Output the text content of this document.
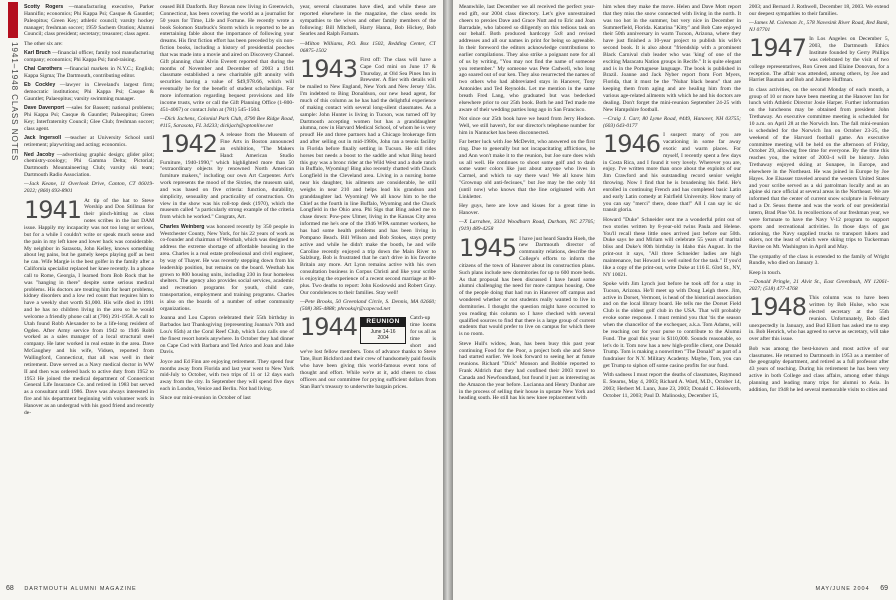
1941–1948 CLASS NOTES

Scotty Rogers —manufacturing executive, Parker Hannifin; economics; Phi Kappa Psi; Casque & Gauntlet; Paleopitus; Green Key; athletic council; varsity hockey manager; freshman soccer; 1959 Sachem Oration; Alumni Council; class president; secretary; treasurer; class agent.

The other six are:

Karl Bruch —financial officer, family tool manufacturing company; economics; Phi Kappa Psi; fund-raising.

Chal Carothers —financial markets in N.Y.C.; English; Kappa Sigma; The Dartmouth, contributing editor.

Eb Cockley —lawyer in Cleveland's largest firm; democratic institutions; Phi Kappa Psi; Casque & Gauntlet; Palaeopitus; varsity swimming manager.

Dave Davenport —sales for Bassett; national problems; Phi Kappa Psi; Casque & Gauntlet; Palaeopitus; Green Key; Interfraternity Council; Glee Club; freshman soccer; class agent.

Jack Ingersoll —teacher at University School until retirement; playwriting and acting; economics.

Ned Jacoby —advertising graphic design; glider pilot; chemistry-zoology; Phi Gamma Delta; Pictorial; Dartmouth Mountaineering Club; varsity ski team; Dartmouth Radio Association.

—Jack Keane, 11 Overlook Drive, Canton, CT 06019-2022; (860) 693-8901

1941 At tip of the hat to Steve Worship and Don Stillman for their pinch-hitting as class notes scribes in the last DAM issue. Happily my incapacity was not too long or serious, but for a while I couldn't write or speak much sense and the pain in my left knee and lower back was considerable. My neighbor in Sarasota, John Kelley, knows something about leg pains, but he gamely keeps playing golf as best he can. Wife Margie is the best golfer in the family after a California specialist replaced her knee recently. In a phone call to Rome, Georgia, I learned from Bob Rock that he was "hanging in there" despite some serious medical problems. His doctors are treating him for heart problems, kidney disorders and a low red count that requires him to have a weekly shot worth $1,000. His wife died in 1991 and he has no children living in the area so he would welcome a friendly phone call at (706) 291-1958. A call to Utah found Robb Alexander to be a life-long resident of Ogden. After Army service from 1942 to 1946 Robb worked as a sales manager of a local structural steel company. He later worked in real estate in the area. Dave McGaughey and his wife, Vidsen, reported from Wallingford, Connecticut, that all was well in their retirement. Dave served as a Navy medical doctor in WW II and then was ordered back to active duty from 1952 to 1953 He joined the medical department of Connecticut General Life Insurance Co. and retired in 1983 but served as a consultant until 1986. Dave was always interested in fire and his department beginning with volunteer work in Hanover as an undergrad with his good friend and recently de-

ceased Bill Danforth. Roy Rowan now living in Greenwich, Connecticut, has been covering the world as a journalist for 50 years for Time, Life and Fortune. He recently wrote a book Solomon Starbuck's Storm which is reported to be an entertaining fable about the importance of following your dreams. His first fiction effort has been preceded by six non-fiction books, including a history of presidential pooches that was made into a movie and aired on Discovery Channel. Gift planning chair Alvin Everett reported that during the months of November and December of 2003 a 1941 classmate established a new charitable gift annuity with securities having a value of $49,978.66, which will eventually be for the benefit of student scholarships. For more information regarding bequest provisions and life income trusts, write or call the Gift Planning Office (1-800-451-4067) or contact John at (781) 545-1504.

—Dick Jachens, Colonial Park Club, 4790 Bee Ridge Road, #115, Sarasota, FL 34233; dickjach@optonline.net

1942 A release from the Museum of Fine Arts in Boston announced an exhibition, "The Makers Hand: American Studio Furniture, 1940-1990," which highlighted more than 50 "extraordinary objects by renowned North American furniture makers," including our own Art Carpenter. Art's work represents the mood of the Sixties, the museum said, and was based on five criteria: function, durability, simplicity, sensuality and practicality of construction. On view in the show was his roll-top desk (1970), which the museum called "a particularly strong example of the criteria from which he worked." Congrats, Art.

Charles Weinberg was honored recently by 350 people in Westchester County, New York, for his 22 years of work as co-founder and chairman of Westhab, which was designed to address the extreme shortage of affordable housing in the area. Charles is a real estate professional and civil engineer, by way of Thayer. He was recently stepping down from his leadership position, but remains on the board. Westhab has grown to 800 housing units, including 230 in four homeless shelters. The agency also provides social services, academic and recreation programs for youth, child care, transportation, employment and training programs. Charles is also on the boards of a number of other community organizations.

Joanna and Lou Capron celebrated their 55th birthday in Barbados last Thanksgiving (representing Joanna's 70th and Lou's 85th) at the Coral Reef Club, which Lou calls one of the finest resort hotels anywhere. In October they had dinner on Cape Cod with Barbara and Ted Arico and Joan and Jake Davis.

Joyce and Ed Finn are enjoying retirement. They spend four months away from Florida and last year went to New York mid-July to October, with two trips of 11 or 12 days each away from the city. In September they will spend five days each in London, Venice and Berlin. Not bad living.

Since our mini-reunion in October of last

year, several classmates have died, and while these are reported elsewhere in the magazine, the class sends its sympathies to the wives and other family members of the following: Bill Mitchell, Harry Hanna, Bob Hickey, Bob Searles and Ralph Farnam.

—Milton Williams, P.O. Box 1502, Redding Center, CT 06875-1502

1943 First off: The class will have a Cape Cod mini on June 17 & Thursday, at Old Sea Pines Inn in Brewster. A flier with details will be mailed to New England, New York and New Jersey '43s. I'm indebted to Bing Donaldson, our new head agent, for much of this column as he has had the delightful experience of making contact with several long-silent classmates. As a sample: John Hunter is living in Tucson, was turned off by Dartmouth accepting women but has a granddaughter alumna, now in Harvard Medical School, of whom he is very proud! He and three partners had a Chicago brokerage firm and after selling out in mid-1980s, John ran a tennis facility in Florida before finally settling in Tucson. He still rides horses but needs a boost to the saddle and what Bing heard this guy was a bronc rider at the Wild West and a dude ranch in Buffalo, Wyoming! Bing also recently chatted with Chuck Longfield in the Cleveland area. Living in a nursing home near his daughter, his ailments are considerable, he still weighs in near 210 and helps lead his grandson and granddaughter lad. Wyoming! We all know him to be the Chief as the fourth in line Buffalo, Wyoming and the Chuck Longfield in the Ohio area. Phi Sigs that Bing asked me to chase down: Pow-pow Ulmer, living in the Kansas City area informed me he's one of the 1946 WPA summer workers, he has had some health problems and has been living in Pompano Beach. Bill Wilson and Bob Stokes, stays pretty active and while he didn't make the booth, he and wife Caroline recently enjoyed a trip down the Main River to Salzburg. Bob is frustrated that he can't drive in his favorite Britain any more. Art Lynn remains active with his own consultation business in Corpus Christi and like your scribe is enjoying the experience of a recent second marriage at 80-plus. Two deaths to report: John Koslowski and Robert Gray. Our condolences to their families. Stay well!

—Pete Brooks, 50 Greenland Circle, S. Dennis, MA 02660; (508) 385-4888; phrooksjr@capecod.net

1944	REUNION
June 14-16
2004
Catch-up time looms for us all as time is short and we've lost fellow members. Tons of advance thanks to Steve Tate, Burt Bickford and their crew of handsomely paid fossils who have been giving this world-famous event tons of thought and effort. While we're at it, add cheers to class officers and our committee for prying sufficient dollars from Stan Barr's treasury to underwrite bargain prices.

68 DARTMOUTH ALUMNI MAGAZINE

Meanwhile, last December we all received the perfect year-end gift, our 2004 class directory. Let's give unrestrained cheers to prexies Dave and Grace Nutt and to Eric and Joan Barradale, who labored so diligently on this tedious task on our behalf. Both produced hardcopy 5x8 and revised addresses and all our names in print for being so agreeable. In their foreword the editors acknowledge contributions to earlier compilations. They also strike a poignant note for all of us by writing, "You may not find the name of someone you remember." My someone was Pete Cadwell, who long ago soared out of our ken. They also resurrected the names of two others who had abbreviated stays in Hanover, Tony Antonides and Ted Reynolds. Let me mention in the same breath Fred Lang, who graduated but was bedecked elsewhere prior to our 25th book. Both he and Ted made me aware of their wedding parties long ago in San Francisco.

Not since our 25th book have we heard from Jerry Hodson. Well, we still haven't, for our director's telephone number for him in Nantucket has been disconnected.

Far better luck with Joe McDevitt, who answered on the first ring. Due to generally but not incapacitating afflictions, he and Ann won't make it to the reunion, but Joe sure does wish us all well. He continues to shoot some golf and to daub some water colors like just about anyone who lives in Carmel, and which to say there was! We all know him "Grownup old anti-fecisues," but Joe may be the only '44 (until now) who knows that the line originated with Art Linkletter.

Hey guys, here are love and kisses for a great time in Hanover.

—X Larrabee, 3324 Woodburn Road, Durham, NC 27705; (919) 489-4258

1945 I have just heard Sandra Hoeh, the new Dartmouth director of community relations, describe the College's efforts to inform the citizens of the town of Hanover about its construction plans. Such plans include new dormitories for up to 600 more beds. As that proposal has been discussed I have heard some alumni challenging the need for more campus housing. One of the people doing that had run in Hanover off campus and wondered whether or not students really wanted to live in dormitories. I thought the question might have occurred to you reading this column so I have checked with several qualified sources to find that there is a large group of current students that would prefer to live on campus for which there is no room.

Steve Hull's widow, Jean, has been busy this past year continuing Food for the Poor, a project both she and Steve had started earlier. We look forward to seeing her at future reunions. Richard "Dick" Monson and Bobbie reported to Frank Aldrich that they had confined their 2003 travel to Canada and Newfoundland, but found it just as interesting as the Amazon the year before. Lucianna and Henry Dunbar are in the process of selling their house in upstate New York and heading south. He still has his new knee replacement with

him when they make the move. Helen and Dave Mott report that they miss the snow connected with living in the north. It was too hot in the summer, but very nice in December in Summerfield, Florida. Katarina "Kitty" and Bob Cate enjoyed their 50th anniversary in warm Tucson, Arizona, where they have just finished a 10-year project to publish his wife's second book. It is also about "friendship with a prominent Black Carnival club leader who was 'king' of one of the exciting Maracatu Nation groups in Recife." It is quite elegant and is in the Portuguese language. The book is published in Brazil. Joanne and Jack Nyber report from Fort Myers, Florida, that it must be the "Nubar black beans" that are keeping them from aging and are healing him from the various age-related ailments with which he and his doctors are dealing. Don't forget the mini-reunion September 24-25 with New Hampshire football.

—Craig J. Carr, 80 Lyme Road, #449, Hanover, NH 03755; (603) 643-0177

1946 I suspect many of you are vacationing in some far away exotic and warm places. For myself, I recently spent a few days in Costa Rica, and I found it very lovely. Wherever you are, enjoy. I've written more than once about the exploits of our Jim Crawford and his outstanding record senior weight throwing. Now I find that he is broadening his field. He's enrolled in continuing French and has completed basic Latin and early Latin comedy at Fairfield University. How many of you can say "merci" there, done that!" All I can say is: sic transit gloria.

Howard "Duke" Schneider sent me a wonderful print out of two stories written by 8-year-old twins Paula and Helene. You'll recall these little ones arrived just before our 50th. Duke says he and Miriam will celebrate 55 years of marital bliss and Duke's 80th birthday in Idaho this August. In the print-out it says, "All three Schneider ladies are high maintenance, but Howard is well suited for the task." If you'd like a copy of the print-out, write Duke at 116 E. 63rd St., NY, NY 10021.

Spoke with Jim Lynch just before he took off for a stay in Tucson, Arizona. He'll meet up with Doug Leigh there. Jim, active in Dorset, Vermont, is head of the historical association and on the local library board. He tells me the Dorset Field Club is the oldest golf club in the USA. That will probably evoke some response. I must remind you that 'tis the season when the chancellor of the exchequer, a.k.a. Tom Adams, will be reaching out for your purse to contribute to the Alumni Fund. The goal this year is $110,000. Sounds reasonable, so let's do it. Tom now has a new high-profile client, one Donald Trump. Tom is making a nonwritten "The Donald" as part of a fundraiser for N.Y. Military Academy. Maybe, Tom, you can get Trump to siphon off some casino profits for our fund.

With sadness I must report the deaths of classmates, Raymond E. Stearns, May 4, 2003; Richard A. Ward, M.D., October 14, 2003; Herbert M. Lunn, June 23, 2003; Donald C. Holsworth, October 11, 2003; Paul D. Malinosky, December 15,

2003; and Bernard J. Rothwell, December 18, 2003. We extend our deepest sympathies to their families.

—James M. Coleman Jr., 578 Navesink River Road, Red Bank, NJ 07701

1947 In Los Angeles on December 5, 2003, the Dartmouth Ethics Institute founded by Gerry Phillips was celebrated by the visit of two college representatives, Ron Green and Elaine Donovan, for a reception. The affair was attended, among others, by Joe and Harriet Bauman and Bob and Juliette Huffman.

In class activities, on the second Monday of each month, a group of 10 or more have been meeting at the Hanover Inn for lunch with Athletic Director Josie Harper. Further information on the luncheons may be obtained from president John Trethaway. An executive committee meeting is scheduled for 10 a.m. on April 28 at the Norwich Inn. The fall mini-reunion is scheduled for the Norwich Inn on October 23-25, the weekend of the Harvard football game. An executive committee meeting will be held on the afternoon of Friday, October 29, allowing free time for everyone. By the time this reaches you, the winter of 2003-4 will be history. John Trethaway enjoyed skiing at Sunapee, in Europe, and elsewhere in the Northeast. He was joined in Europe by Joe Hayes. Joe Elsasser traveled around the western United States and your scribe served as a ski patrolman locally and as an alpine ski race official at several areas in the Northeast. We are informed that the center of current snow sculpture in February had a Dr. Seuss theme and was the work of our presidential intern, Brad Pine '04. In recollections of our freshman year, we were fortunate to have the Navy V-12 program to support sports and recreational activities. In those days of gas rationing, the Navy supplied trucks to transport hikers and skiers, not the least of which were skiing trips to Tuckerman Ravine on Mt. Washington in April and May.

The sympathy of the class is extended to the family of Wright Rundle, who died on January 3.

Keep in touch.

—Donald Pringle, 21 Alvit St., East Greenbush, NY 12061-2027; (518) 477-4768

1948 This column was to have been written by Bob Hulse, who was elected secretary at the 55th reunion. Unfortunately, Bob died unexpectedly in January, and Bud Elliott has asked me to step in. Bob Henrich, who has agreed to serve as secretary, will take over after this issue.

Bob was among the best-known and most active of our classmates. He returned to Dartmouth in 1953 as a member of the geography department, and retired as a full professor after 43 years of teaching. During his retirement he has been very active in both College and class affairs, among other things planning and leading many trips for alumni to Asia. In addition, for 1948 he led several memorable visits to cities and

MAY/JUNE 2004 69
